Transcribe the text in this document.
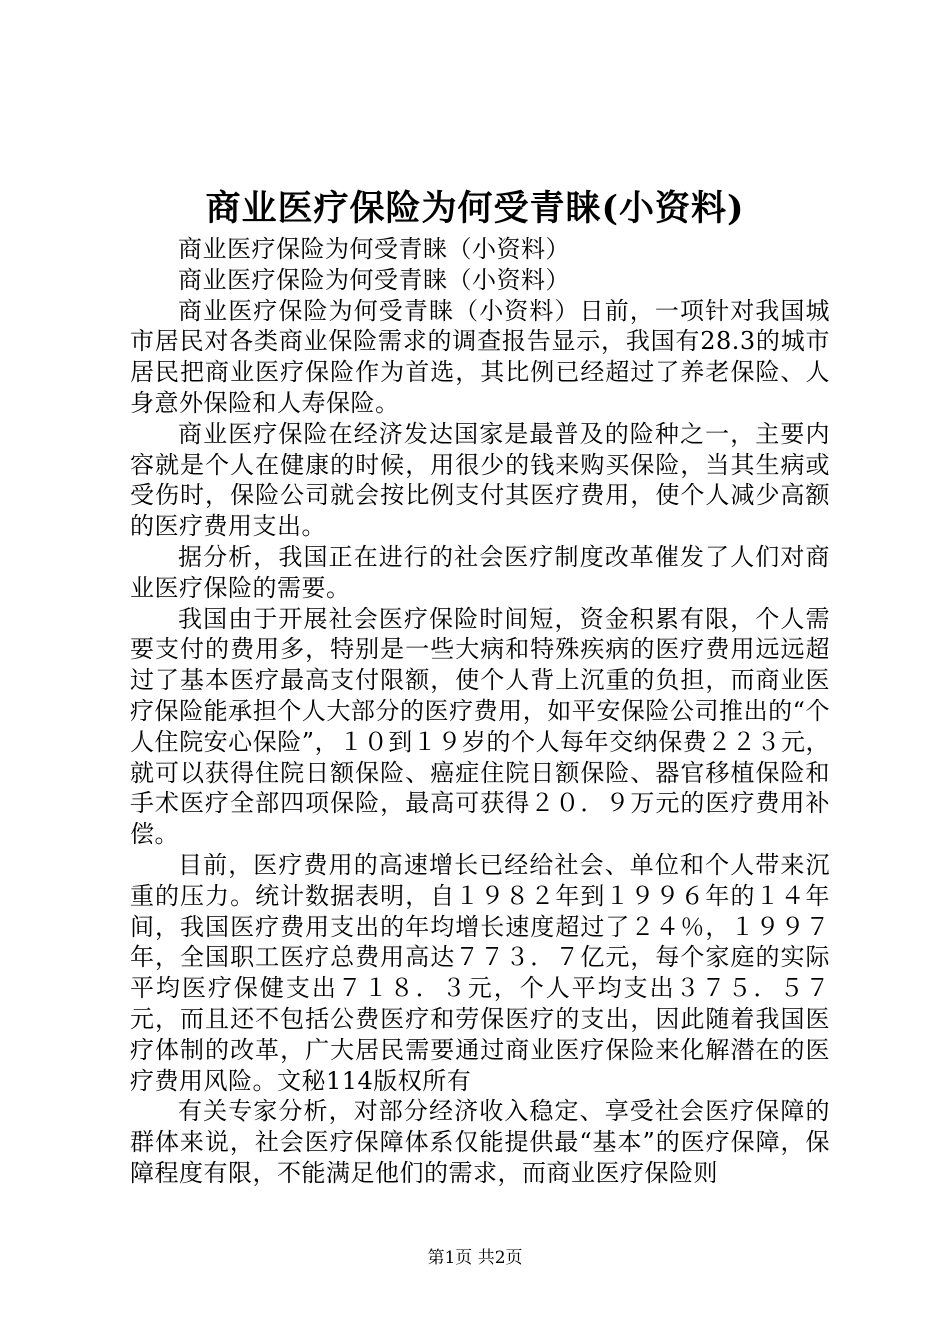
商业医疗保险为何受青睐(小资料)

商业医疗保险为何受青睐（小资料）

商业医疗保险为何受青睐（小资料）

商业医疗保险为何受青睐（小资料）日前，一项针对我国城市居民对各类商业保险需求的调查报告显示，我国有28.3的城市居民把商业医疗保险作为首选，其比例已经超过了养老保险、人身意外保险和人寿保险。

商业医疗保险在经济发达国家是最普及的险种之一，主要内容就是个人在健康的时候，用很少的钱来购买保险，当其生病或受伤时，保险公司就会按比例支付其医疗费用，使个人减少高额的医疗费用支出。

据分析，我国正在进行的社会医疗制度改革催发了人们对商业医疗保险的需要。

我国由于开展社会医疗保险时间短，资金积累有限，个人需要支付的费用多，特别是一些大病和特殊疾病的医疗费用远远超过了基本医疗最高支付限额，使个人背上沉重的负担，而商业医疗保险能承担个人大部分的医疗费用，如平安保险公司推出的“个人住院安心保险”，１０到１９岁的个人每年交纳保费２２３元，就可以获得住院日额保险、癌症住院日额保险、器官移植保险和手术医疗全部四项保险，最高可获得２０．９万元的医疗费用补偿。

目前，医疗费用的高速增长已经给社会、单位和个人带来沉重的压力。统计数据表明，自１９８２年到１９９６年的１４年间，我国医疗费用支出的年均增长速度超过了２４％，１９９７年，全国职工医疗总费用高达７７３．７亿元，每个家庭的实际平均医疗保健支出７１８．３元，个人平均支出３７５．５７元，而且还不包括公费医疗和劳保医疗的支出，因此随着我国医疗体制的改革，广大居民需要通过商业医疗保险来化解潜在的医疗费用风险。文秘114版权所有

有关专家分析，对部分经济收入稳定、享受社会医疗保障的群体来说，社会医疗保障体系仅能提供最“基本”的医疗保障，保障程度有限，不能满足他们的需求，而商业医疗保险则

第1页 共2页
